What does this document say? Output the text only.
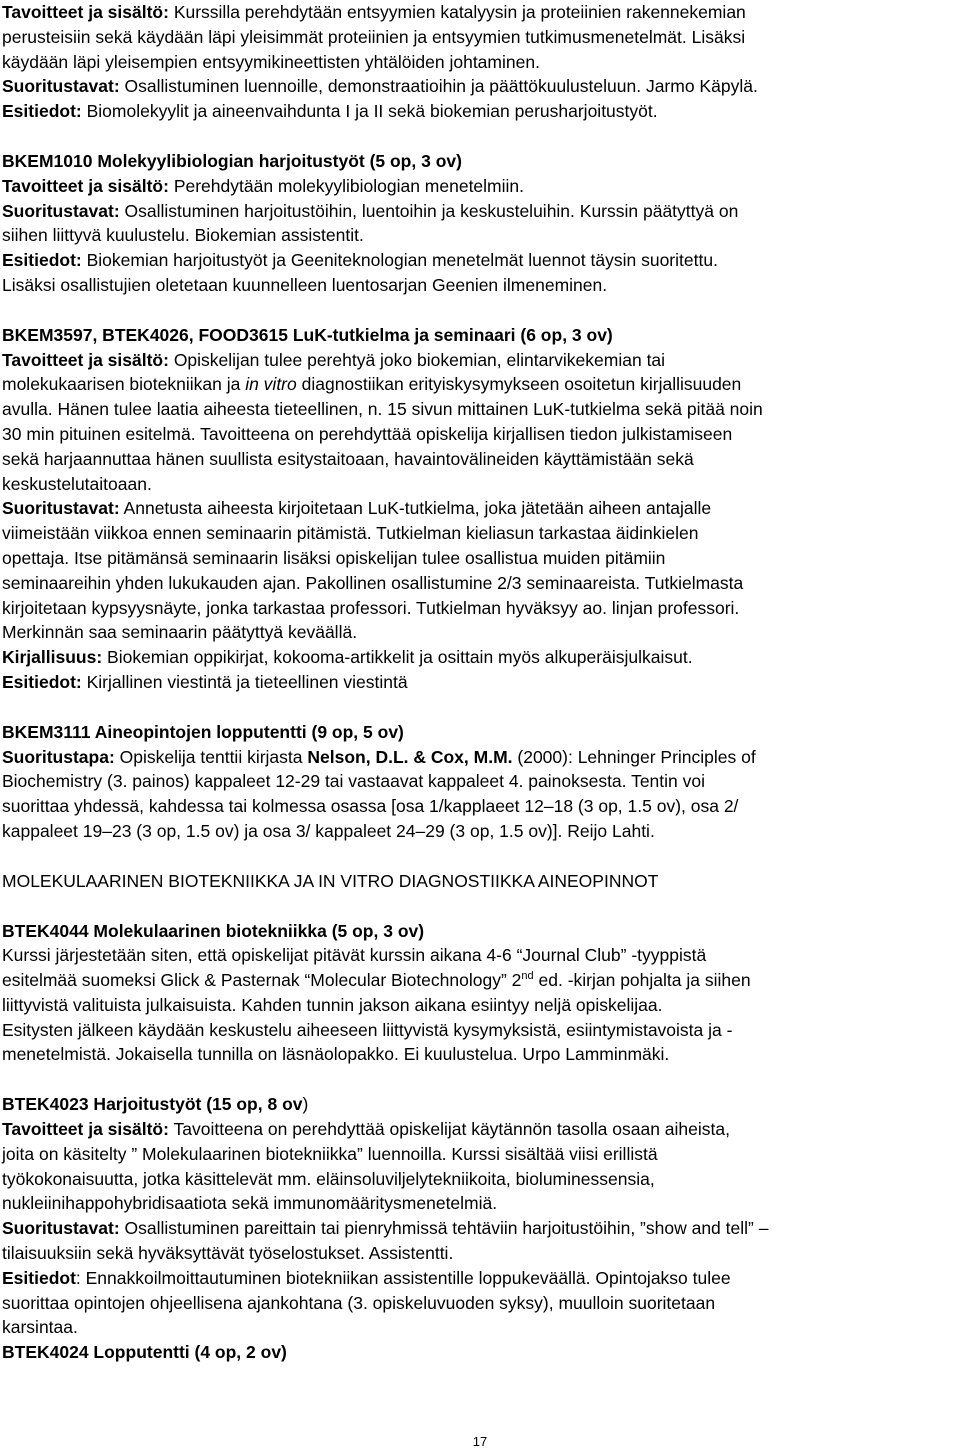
Tavoitteet ja sisältö: Kurssilla perehdytään entsyymien katalyysin ja proteiinien rakennekemian
perusteisiin sekä käydään läpi yleisimmät proteiinien ja entsyymien tutkimusmenetelmät. Lisäksi
käydään läpi yleisempien entsyymikineettisten yhtälöiden johtaminen.
Suoritustavat: Osallistuminen luennoille, demonstraatioihin ja päättökuulusteluun. Jarmo Käpylä.
Esitiedot: Biomolekyylit ja aineenvaihdunta I ja II sekä biokemian perusharjoitustyöt.
BKEM1010 Molekyylibiologian harjoitustyöt (5 op, 3 ov)
Tavoitteet ja sisältö: Perehdytään molekyylibiologian menetelmiin.
Suoritustavat: Osallistuminen harjoitustöihin, luentoihin ja keskusteluihin. Kurssin päätyttyä on
siihen liittyvä kuulustelu. Biokemian assistentit.
Esitiedot: Biokemian harjoitustyöt ja Geeniteknologian menetelmät luennot täysin suoritettu.
Lisäksi osallistujien oletetaan kuunnelleen luentosarjan Geenien ilmeneminen.
BKEM3597, BTEK4026, FOOD3615 LuK-tutkielma ja seminaari (6 op, 3 ov)
Tavoitteet ja sisältö: Opiskelijan tulee perehtyä joko biokemian, elintarvikekemian tai
molekukaarisen biotekniikan ja in vitro diagnostiikan erityiskysymykseen osoitetun kirjallisuuden
avulla. Hänen tulee laatia aiheesta tieteellinen, n. 15 sivun mittainen LuK-tutkielma sekä pitää noin
30 min pituinen esitelmä. Tavoitteena on perehdyttää opiskelija kirjallisen tiedon julkistamiseen
sekä harjaannuttaa hänen suullista esitystaitoaan, havaintovälineiden käyttämistään sekä
keskustelutaitoaan.
Suoritustavat: Annetusta aiheesta kirjoitetaan LuK-tutkielma, joka jätetään aiheen antajalle
viimeistään viikkoa ennen seminaarin pitämistä. Tutkielman kieliasun tarkastaa äidinkielen
opettaja. Itse pitämänsä seminaarin lisäksi opiskelijan tulee osallistua muiden pitämiin
seminaareihin yhden lukukauden ajan. Pakollinen osallistumine 2/3 seminaareista. Tutkielmasta
kirjoitetaan kypsyysnäyte, jonka tarkastaa professori. Tutkielman hyväksyy ao. linjan professori.
Merkinnän saa seminaarin päätyttyä keväällä.
Kirjallisuus: Biokemian oppikirjat, kokooma-artikkelit ja osittain myös alkuperäisjulkaisut.
Esitiedot: Kirjallinen viestintä ja tieteellinen viestintä
BKEM3111 Aineopintojen lopputentti (9 op, 5 ov)
Suoritustapa: Opiskelija tenttii kirjasta Nelson, D.L. & Cox, M.M. (2000): Lehninger Principles of
Biochemistry (3. painos) kappaleet 12-29 tai vastaavat kappaleet 4. painoksesta. Tentin voi
suorittaa yhdessä, kahdessa tai kolmessa osassa [osa 1/kapplaeet 12–18 (3 op, 1.5 ov), osa 2/
kappaleet 19–23 (3 op, 1.5 ov) ja osa 3/ kappaleet 24–29 (3 op, 1.5 ov)]. Reijo Lahti.
MOLEKULAARINEN BIOTEKNIIKKA JA IN VITRO DIAGNOSTIIKKA AINEOPINNOT
BTEK4044 Molekulaarinen biotekniikka (5 op, 3 ov)
Kurssi järjestetään siten, että opiskelijat pitävät kurssin aikana 4-6 “Journal Club” -tyyppistä
esitelmää suomeksi Glick & Pasternak “Molecular Biotechnology” 2nd ed. -kirjan pohjalta ja siihen
liittyvistä valituista julkaisuista. Kahden tunnin jakson aikana esiintyy neljä opiskelijaa.
Esitysten jälkeen käydään keskustelu aiheeseen liittyvistä kysymyksistä, esiintymistavoista ja -
menetelmistä. Jokaisella tunnilla on läsnäolopakko. Ei kuulustelua. Urpo Lamminmäki.
BTEK4023 Harjoitustyöt (15 op, 8 ov)
Tavoitteet ja sisältö: Tavoitteena on perehdyttää opiskelijat käytännön tasolla osaan aiheista,
joita on käsitelty ” Molekulaarinen biotekniikka” luennoilla. Kurssi sisältää viisi erillistä
työkokonaisuutta, jotka käsittelevät mm. eläinsoluviljelytekniikoita, bioluminessensia,
nukleiinihappohybridisaatiota sekä immunomääritysmenetelmiä.
Suoritustavat: Osallistuminen pareittain tai pienryhmissä tehtäviin harjoitustöihin, ”show and tell” –
tilaisuuksiin sekä hyväksyttävät työselostukset. Assistentti.
Esitiedot: Ennakkoilmoittautuminen biotekniikan assistentille loppukeväällä. Opintojakso tulee
suorittaa opintojen ohjeellisena ajankohtana (3. opiskeluvuoden syksy), muulloin suoritetaan
karsintaa.
BTEK4024 Lopputentti (4 op, 2 ov)
17
